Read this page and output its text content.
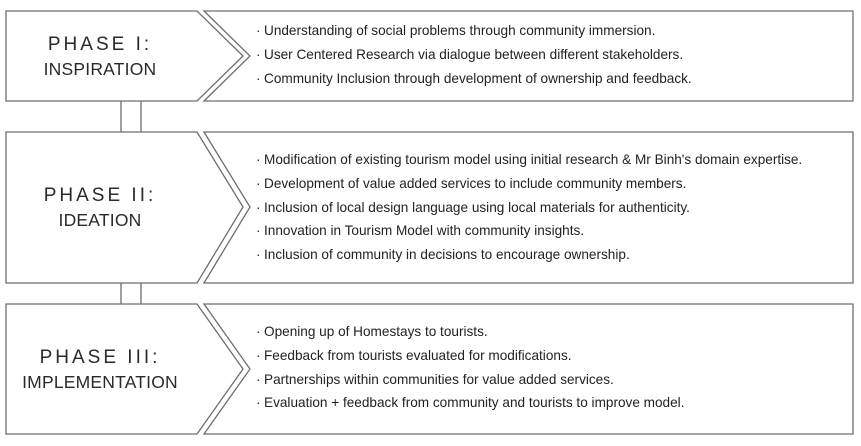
PHASE I:
INSPIRATION
· Understanding of social problems through community immersion.
· User Centered Research via dialogue between different stakeholders.
· Community Inclusion through development of ownership and feedback.
PHASE II:
IDEATION
· Modification of existing tourism model using initial research & Mr Binh's domain expertise.
· Development of value added services to include community members.
· Inclusion of local design language using local materials for authenticity.
· Innovation in Tourism Model with community insights.
· Inclusion of community in decisions to encourage ownership.
PHASE III:
IMPLEMENTATION
· Opening up of Homestays to tourists.
· Feedback from tourists evaluated for modifications.
· Partnerships within communities for value added services.
· Evaluation + feedback from community and tourists to improve model.
